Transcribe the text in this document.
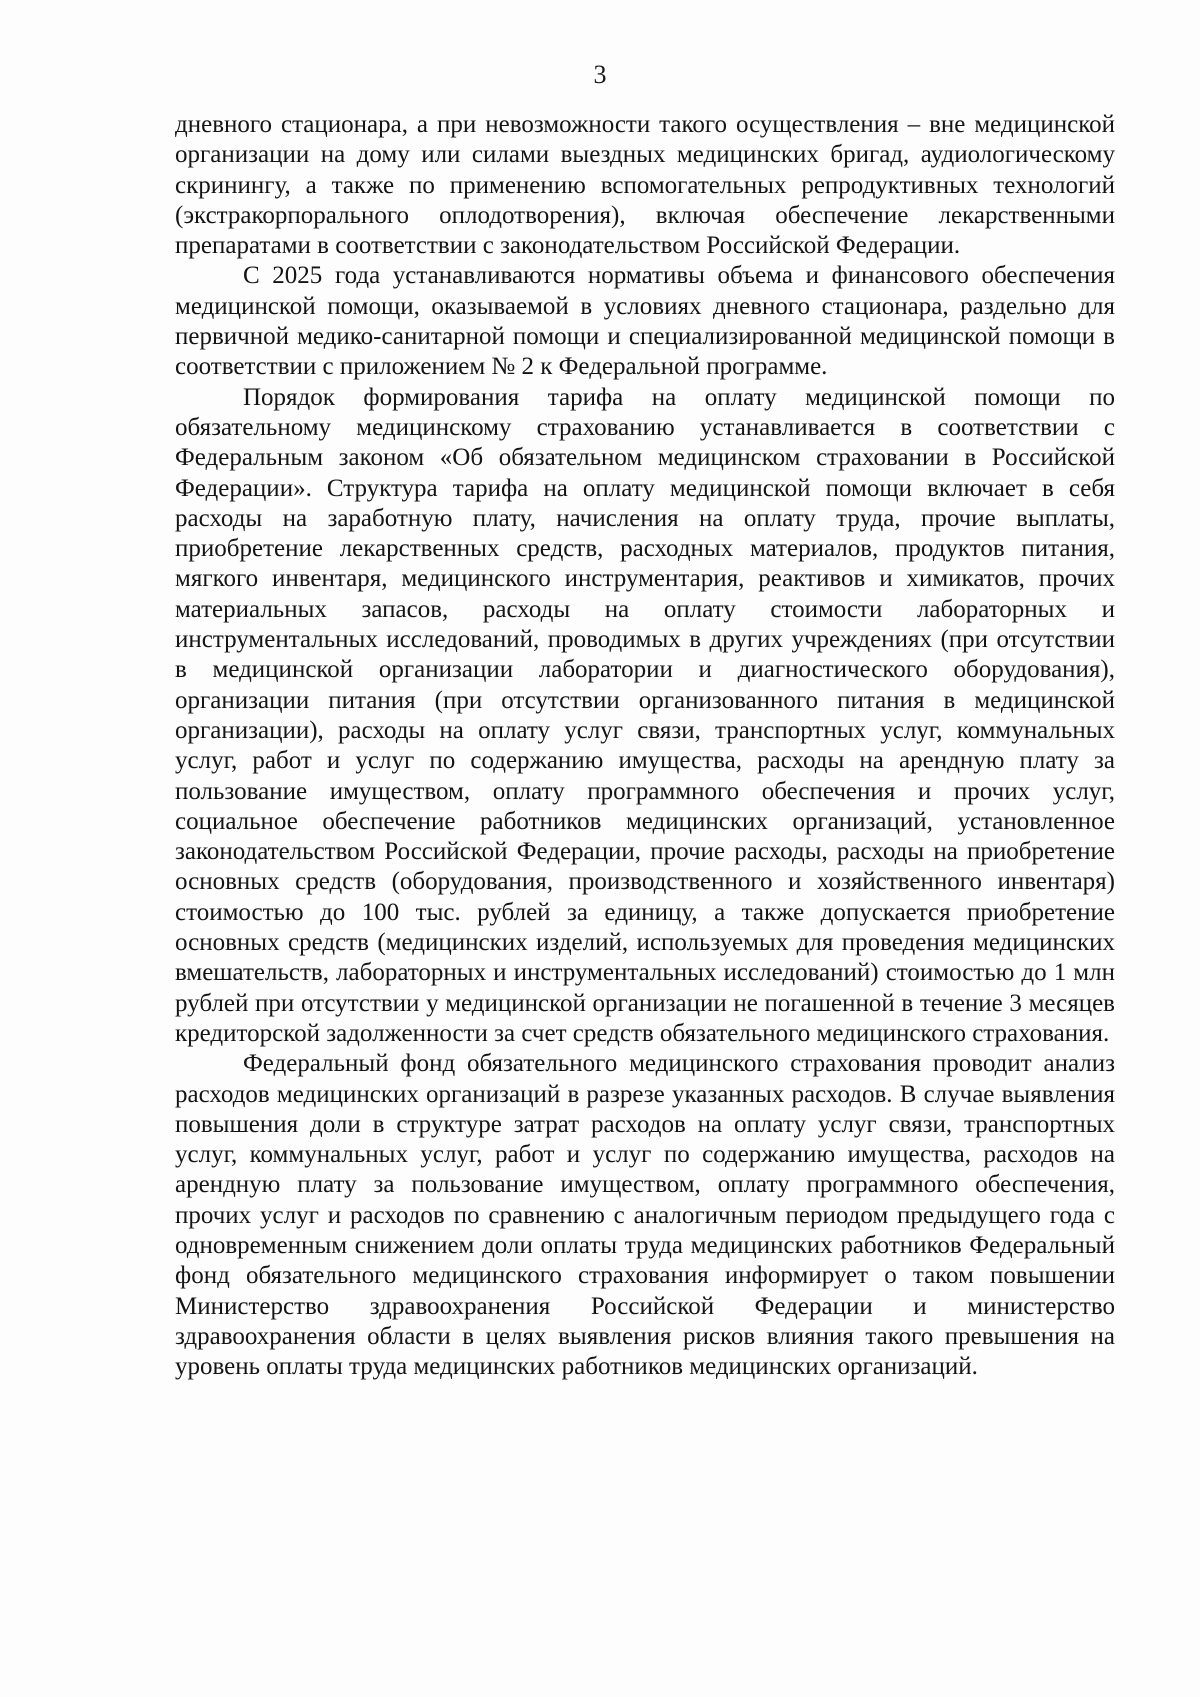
3

дневного стационара, а при невозможности такого осуществления – вне медицинской организации на дому или силами выездных медицинских бригад, аудиологическому скринингу, а также по применению вспомогательных репродуктивных технологий (экстракорпорального оплодотворения), включая обеспечение лекарственными препаратами в соответствии с законодательством Российской Федерации.

С 2025 года устанавливаются нормативы объема и финансового обеспечения медицинской помощи, оказываемой в условиях дневного стационара, раздельно для первичной медико-санитарной помощи и специализированной медицинской помощи в соответствии с приложением № 2 к Федеральной программе.

Порядок формирования тарифа на оплату медицинской помощи по обязательному медицинскому страхованию устанавливается в соответствии с Федеральным законом «Об обязательном медицинском страховании в Российской Федерации». Структура тарифа на оплату медицинской помощи включает в себя расходы на заработную плату, начисления на оплату труда, прочие выплаты, приобретение лекарственных средств, расходных материалов, продуктов питания, мягкого инвентаря, медицинского инструментария, реактивов и химикатов, прочих материальных запасов, расходы на оплату стоимости лабораторных и инструментальных исследований, проводимых в других учреждениях (при отсутствии в медицинской организации лаборатории и диагностического оборудования), организации питания (при отсутствии организованного питания в медицинской организации), расходы на оплату услуг связи, транспортных услуг, коммунальных услуг, работ и услуг по содержанию имущества, расходы на арендную плату за пользование имуществом, оплату программного обеспечения и прочих услуг, социальное обеспечение работников медицинских организаций, установленное законодательством Российской Федерации, прочие расходы, расходы на приобретение основных средств (оборудования, производственного и хозяйственного инвентаря) стоимостью до 100 тыс. рублей за единицу, а также допускается приобретение основных средств (медицинских изделий, используемых для проведения медицинских вмешательств, лабораторных и инструментальных исследований) стоимостью до 1 млн рублей при отсутствии у медицинской организации не погашенной в течение 3 месяцев кредиторской задолженности за счет средств обязательного медицинского страхования.

Федеральный фонд обязательного медицинского страхования проводит анализ расходов медицинских организаций в разрезе указанных расходов. В случае выявления повышения доли в структуре затрат расходов на оплату услуг связи, транспортных услуг, коммунальных услуг, работ и услуг по содержанию имущества, расходов на арендную плату за пользование имуществом, оплату программного обеспечения, прочих услуг и расходов по сравнению с аналогичным периодом предыдущего года с одновременным снижением доли оплаты труда медицинских работников Федеральный фонд обязательного медицинского страхования информирует о таком повышении Министерство здравоохранения Российской Федерации и министерство здравоохранения области в целях выявления рисков влияния такого превышения на уровень оплаты труда медицинских работников медицинских организаций.
